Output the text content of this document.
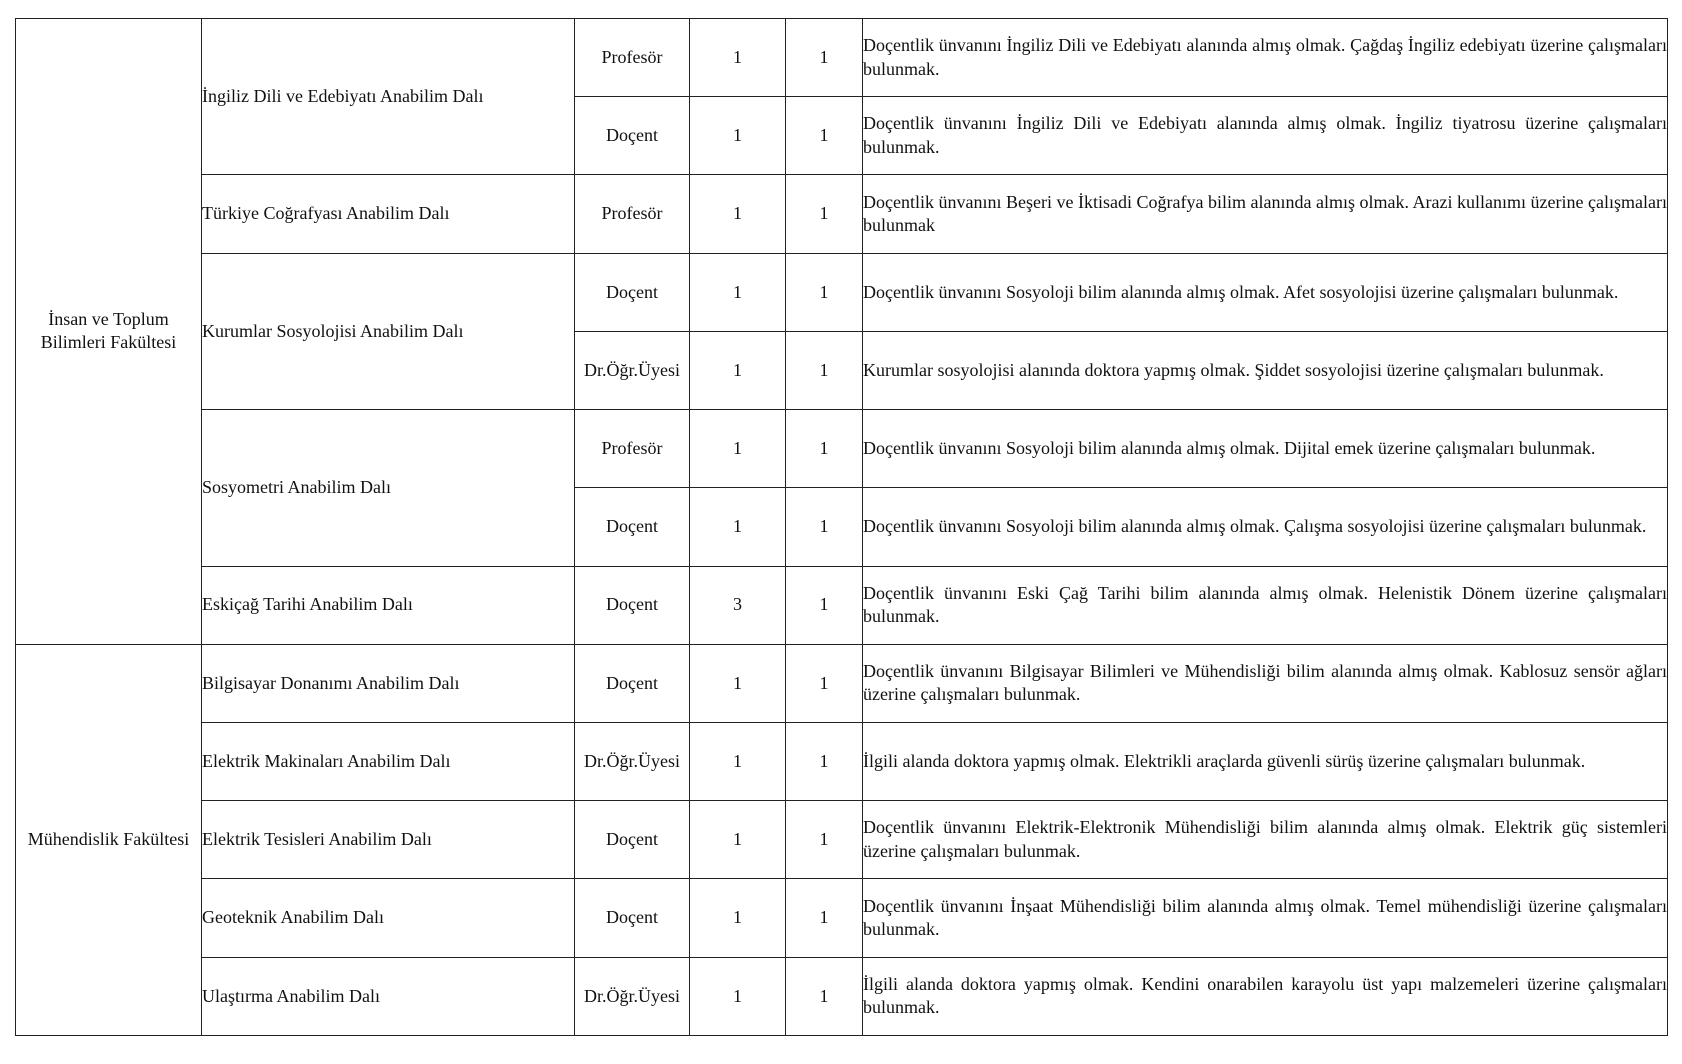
İnsan ve Toplum Bilimleri Fakültesi	İngiliz Dili ve Edebiyatı Anabilim Dalı	Profesör	1	1	Doçentlik ünvanını İngiliz Dili ve Edebiyatı alanında almış olmak. Çağdaş İngiliz edebiyatı üzerine çalışmaları bulunmak.
		Doçent	1	1	Doçentlik ünvanını İngiliz Dili ve Edebiyatı alanında almış olmak. İngiliz tiyatrosu üzerine çalışmaları bulunmak.
	Türkiye Coğrafyası Anabilim Dalı	Profesör	1	1	Doçentlik ünvanını Beşeri ve İktisadi Coğrafya bilim alanında almış olmak. Arazi kullanımı üzerine çalışmaları bulunmak
	Kurumlar Sosyolojisi Anabilim Dalı	Doçent	1	1	Doçentlik ünvanını Sosyoloji bilim alanında almış olmak. Afet sosyolojisi üzerine çalışmaları bulunmak.
		Dr.Öğr.Üyesi	1	1	Kurumlar sosyolojisi alanında doktora yapmış olmak. Şiddet sosyolojisi üzerine çalışmaları bulunmak.
	Sosyometri Anabilim Dalı	Profesör	1	1	Doçentlik ünvanını Sosyoloji bilim alanında almış olmak. Dijital emek üzerine çalışmaları bulunmak.
		Doçent	1	1	Doçentlik ünvanını Sosyoloji bilim alanında almış olmak. Çalışma sosyolojisi üzerine çalışmaları bulunmak.
	Eskiçağ Tarihi Anabilim Dalı	Doçent	3	1	Doçentlik ünvanını Eski Çağ Tarihi bilim alanında almış olmak. Helenistik Dönem üzerine çalışmaları bulunmak.
Mühendislik Fakültesi	Bilgisayar Donanımı Anabilim Dalı	Doçent	1	1	Doçentlik ünvanını Bilgisayar Bilimleri ve Mühendisliği bilim alanında almış olmak. Kablosuz sensör ağları üzerine çalışmaları bulunmak.
	Elektrik Makinaları Anabilim Dalı	Dr.Öğr.Üyesi	1	1	İlgili alanda doktora yapmış olmak. Elektrikli araçlarda güvenli sürüş üzerine çalışmaları bulunmak.
	Elektrik Tesisleri Anabilim Dalı	Doçent	1	1	Doçentlik ünvanını Elektrik-Elektronik Mühendisliği bilim alanında almış olmak. Elektrik güç sistemleri üzerine çalışmaları bulunmak.
	Geoteknik Anabilim Dalı	Doçent	1	1	Doçentlik ünvanını İnşaat Mühendisliği bilim alanında almış olmak. Temel mühendisliği üzerine çalışmaları bulunmak.
	Ulaştırma Anabilim Dalı	Dr.Öğr.Üyesi	1	1	İlgili alanda doktora yapmış olmak. Kendini onarabilen karayolu üst yapı malzemeleri üzerine çalışmaları bulunmak.
